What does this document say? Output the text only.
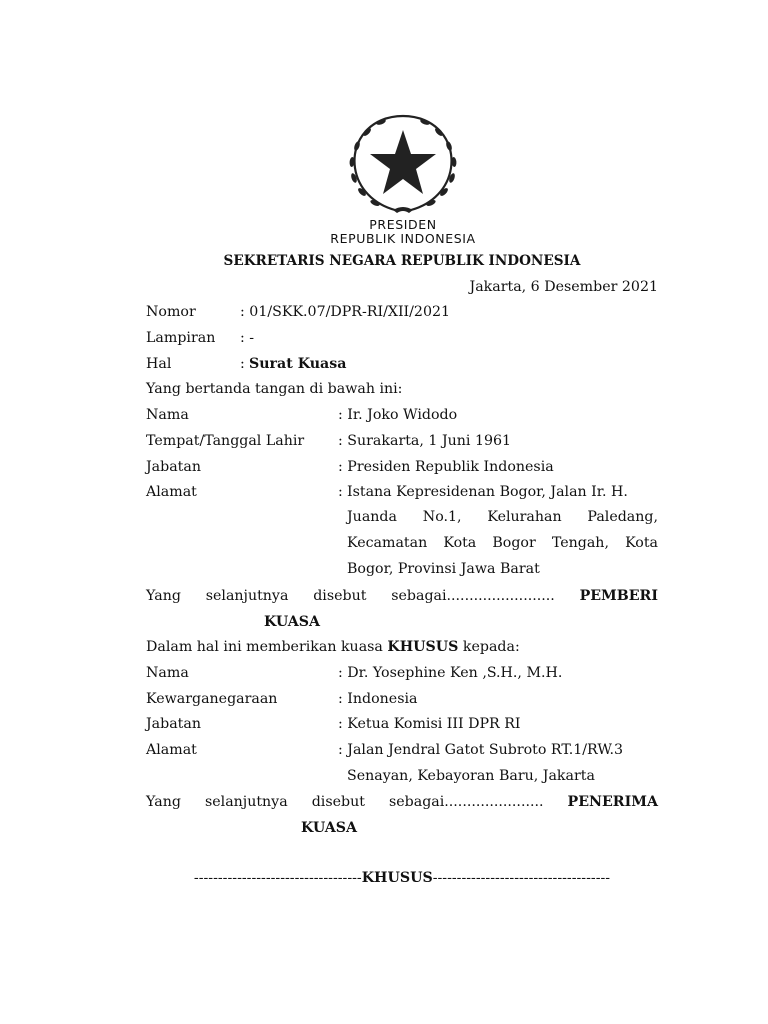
PRESIDEN
REPUBLIK INDONESIA
SEKRETARIS NEGARA REPUBLIK INDONESIA
Jakarta, 6 Desember 2021
Nomor	: 01/SKK.07/DPR-RI/XII/2021
Lampiran : -
Hal	: Surat Kuasa
Yang bertanda tangan di bawah ini:
Nama	: Ir. Joko Widodo
Tempat/Tanggal Lahir : Surakarta, 1 Juni 1961
Jabatan	: Presiden Republik Indonesia
Alamat	: Istana Kepresidenan Bogor, Jalan Ir. H.
Juanda No.1, Kelurahan Paledang, Kecamatan Kota Bogor Tengah, Kota Bogor, Provinsi Jawa Barat
Yang selanjutnya disebut sebagai........................ PEMBERI
KUASA
Dalam hal ini memberikan kuasa KHUSUS kepada:
Nama	: Dr. Yosephine Ken ,S.H., M.H.
Kewarganegaraan	: Indonesia
Jabatan	: Ketua Komisi III DPR RI
Alamat	: Jalan Jendral Gatot Subroto RT.1/RW.3
Senayan, Kebayoran Baru, Jakarta
Yang selanjutnya disebut sebagai...................... PENERIMA
KUASA
-----------------------------------KHUSUS-------------------------------------
